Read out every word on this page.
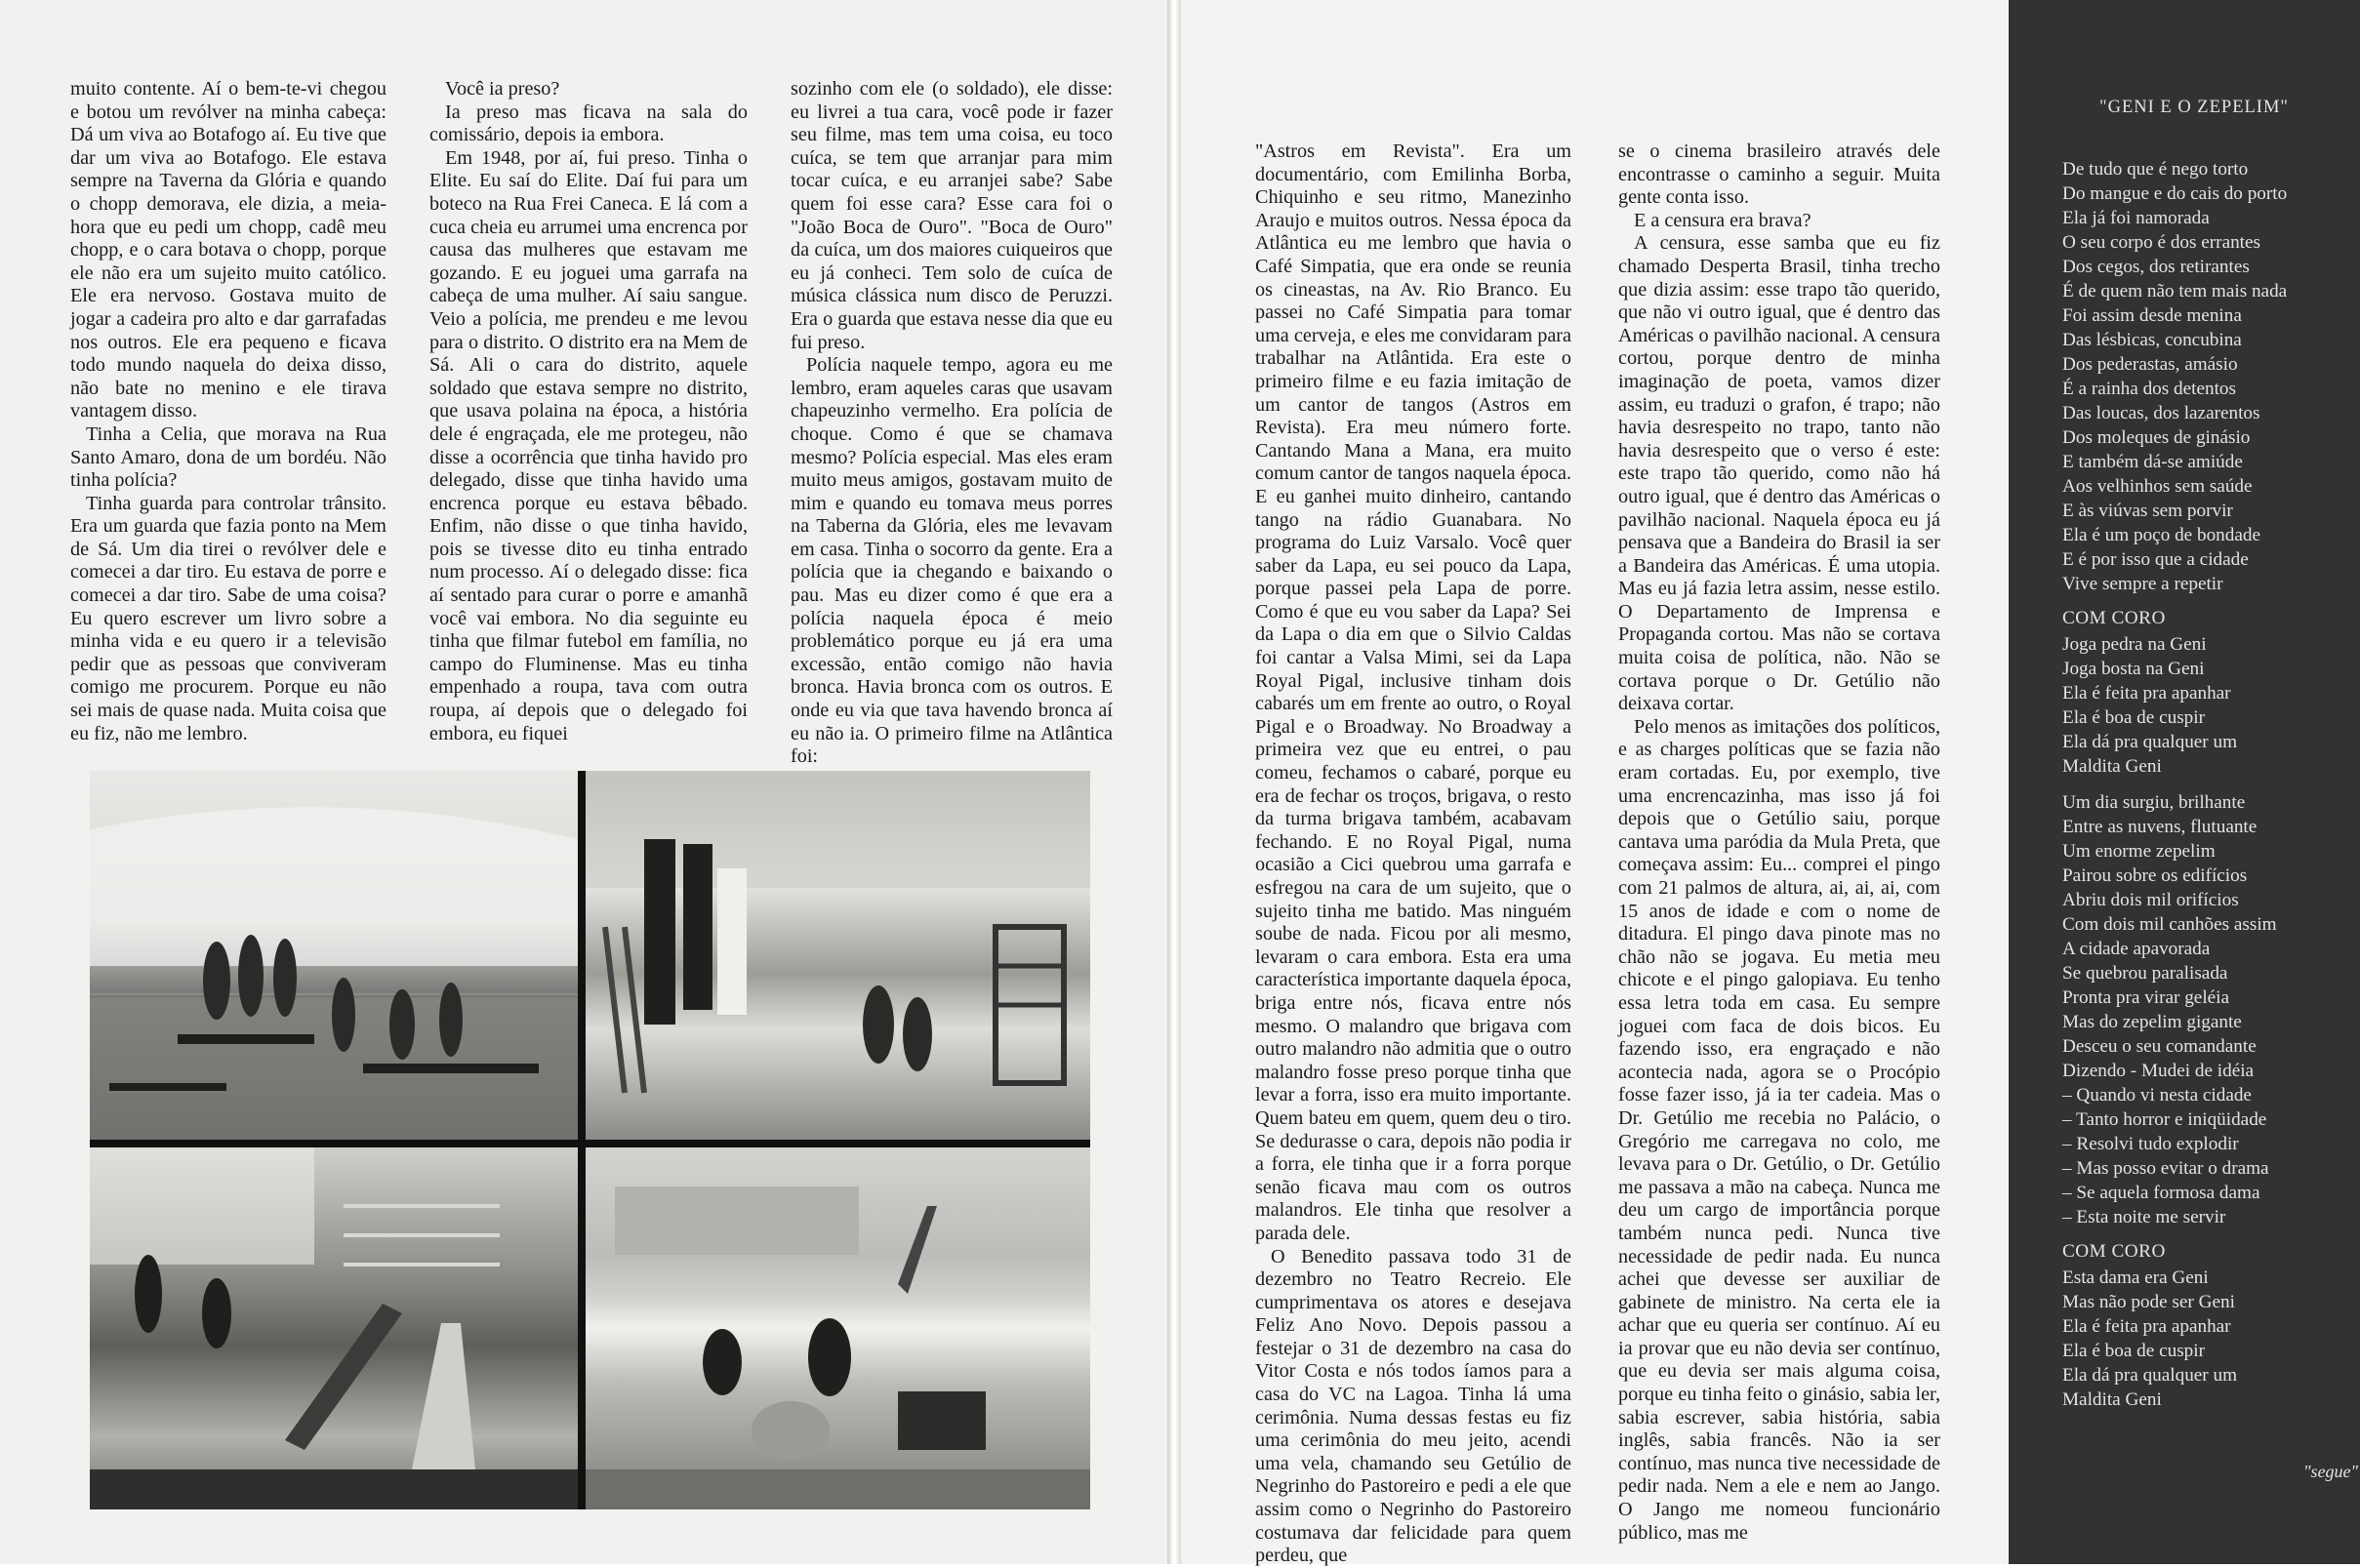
muito contente. Aí o bem-te-vi chegou e botou um revólver na minha cabeça: Dá um viva ao Botafogo aí. Eu tive que dar um viva ao Botafogo. Ele estava sempre na Taverna da Glória e quando o chopp demorava, ele dizia, a meia-hora que eu pedi um chopp, cadê meu chopp, e o cara botava o chopp, porque ele não era um sujeito muito católico. Ele era nervoso. Gostava muito de jogar a cadeira pro alto e dar garrafadas nos outros. Ele era pequeno e ficava todo mundo naquela do deixa disso, não bate no menino e ele tirava vantagem disso.

Tinha a Celia, que morava na Rua Santo Amaro, dona de um bordéu. Não tinha polícia?

Tinha guarda para controlar trânsito. Era um guarda que fazia ponto na Mem de Sá. Um dia tirei o revólver dele e comecei a dar tiro. Eu estava de porre e comecei a dar tiro. Sabe de uma coisa? Eu quero escrever um livro sobre a minha vida e eu quero ir a televisão pedir que as pessoas que conviveram comigo me procurem. Porque eu não sei mais de quase nada. Muita coisa que eu fiz, não me lembro.

Você ia preso?

Ia preso mas ficava na sala do comissário, depois ia embora.

Em 1948, por aí, fui preso. Tinha o Elite. Eu saí do Elite. Daí fui para um boteco na Rua Frei Caneca. E lá com a cuca cheia eu arrumei uma encrenca por causa das mulheres que estavam me gozando. E eu joguei uma garrafa na cabeça de uma mulher. Aí saiu sangue. Veio a polícia, me prendeu e me levou para o distrito. O distrito era na Mem de Sá. Ali o cara do distrito, aquele soldado que estava sempre no distrito, que usava polaina na época, a história dele é engraçada, ele me protegeu, não disse a ocorrência que tinha havido pro delegado, disse que tinha havido uma encrenca porque eu estava bêbado. Enfim, não disse o que tinha havido, pois se tivesse dito eu tinha entrado num processo. Aí o delegado disse: fica aí sentado para curar o porre e amanhã você vai embora. No dia seguinte eu tinha que filmar futebol em família, no campo do Fluminense. Mas eu tinha empenhado a roupa, tava com outra roupa, aí depois que o delegado foi embora, eu fiquei

sozinho com ele (o soldado), ele disse: eu livrei a tua cara, você pode ir fazer seu filme, mas tem uma coisa, eu toco cuíca, se tem que arranjar para mim tocar cuíca, e eu arranjei sabe? Sabe quem foi esse cara? Esse cara foi o "João Boca de Ouro". "Boca de Ouro" da cuíca, um dos maiores cuiqueiros que eu já conheci. Tem solo de cuíca de música clássica num disco de Peruzzi. Era o guarda que estava nesse dia que eu fui preso.

Polícia naquele tempo, agora eu me lembro, eram aqueles caras que usavam chapeuzinho vermelho. Era polícia de choque. Como é que se chamava mesmo? Polícia especial. Mas eles eram muito meus amigos, gostavam muito de mim e quando eu tomava meus porres na Taberna da Glória, eles me levavam em casa. Tinha o socorro da gente. Era a polícia que ia chegando e baixando o pau. Mas eu dizer como é que era a polícia naquela época é meio problemático porque eu já era uma excessão, então comigo não havia bronca. Havia bronca com os outros. E onde eu via que tava havendo bronca aí eu não ia. O primeiro filme na Atlântica foi:

"Astros em Revista". Era um documentário, com Emilinha Borba, Chiquinho e seu ritmo, Manezinho Araujo e muitos outros. Nessa época da Atlântica eu me lembro que havia o Café Simpatia, que era onde se reunia os cineastas, na Av. Rio Branco. Eu passei no Café Simpatia para tomar uma cerveja, e eles me convidaram para trabalhar na Atlântida. Era este o primeiro filme e eu fazia imitação de um cantor de tangos (Astros em Revista). Era meu número forte. Cantando Mana a Mana, era muito comum cantor de tangos naquela época. E eu ganhei muito dinheiro, cantando tango na rádio Guanabara. No programa do Luiz Varsalo. Você quer saber da Lapa, eu sei pouco da Lapa, porque passei pela Lapa de porre. Como é que eu vou saber da Lapa? Sei da Lapa o dia em que o Silvio Caldas foi cantar a Valsa Mimi, sei da Lapa Royal Pigal, inclusive tinham dois cabarés um em frente ao outro, o Royal Pigal e o Broadway. No Broadway a primeira vez que eu entrei, o pau comeu, fechamos o cabaré, porque eu era de fechar os troços, brigava, o resto da turma brigava também, acabavam fechando. E no Royal Pigal, numa ocasião a Cici quebrou uma garrafa e esfregou na cara de um sujeito, que o sujeito tinha me batido. Mas ninguém soube de nada. Ficou por ali mesmo, levaram o cara embora. Esta era uma característica importante daquela época, briga entre nós, ficava entre nós mesmo. O malandro que brigava com outro malandro não admitia que o outro malandro fosse preso porque tinha que levar a forra, isso era muito importante. Quem bateu em quem, quem deu o tiro. Se dedurasse o cara, depois não podia ir a forra, ele tinha que ir a forra porque senão ficava mau com os outros malandros. Ele tinha que resolver a parada dele.

O Benedito passava todo 31 de dezembro no Teatro Recreio. Ele cumprimentava os atores e desejava Feliz Ano Novo. Depois passou a festejar o 31 de dezembro na casa do Vitor Costa e nós todos íamos para a casa do VC na Lagoa. Tinha lá uma cerimônia. Numa dessas festas eu fiz uma cerimônia do meu jeito, acendi uma vela, chamando seu Getúlio de Negrinho do Pastoreiro e pedi a ele que assim como o Negrinho do Pastoreiro costumava dar felicidade para quem perdeu, que

se o cinema brasileiro através dele encontrasse o caminho a seguir. Muita gente conta isso.

E a censura era brava?

A censura, esse samba que eu fiz chamado Desperta Brasil, tinha trecho que dizia assim: esse trapo tão querido, que não vi outro igual, que é dentro das Américas o pavilhão nacional. A censura cortou, porque dentro de minha imaginação de poeta, vamos dizer assim, eu traduzi o grafon, é trapo; não havia desrespeito no trapo, tanto não havia desrespeito que o verso é este: este trapo tão querido, como não há outro igual, que é dentro das Américas o pavilhão nacional. Naquela época eu já pensava que a Bandeira do Brasil ia ser a Bandeira das Américas. É uma utopia. Mas eu já fazia letra assim, nesse estilo. O Departamento de Imprensa e Propaganda cortou. Mas não se cortava muita coisa de política, não. Não se cortava porque o Dr. Getúlio não deixava cortar.

Pelo menos as imitações dos políticos, e as charges políticas que se fazia não eram cortadas. Eu, por exemplo, tive uma encrencazinha, mas isso já foi depois que o Getúlio saiu, porque cantava uma paródia da Mula Preta, que começava assim: Eu... comprei el pingo com 21 palmos de altura, ai, ai, ai, com 15 anos de idade e com o nome de ditadura. El pingo dava pinote mas no chão não se jogava. Eu metia meu chicote e el pingo galopiava. Eu tenho essa letra toda em casa. Eu sempre joguei com faca de dois bicos. Eu fazendo isso, era engraçado e não acontecia nada, agora se o Procópio fosse fazer isso, já ia ter cadeia. Mas o Dr. Getúlio me recebia no Palácio, o Gregório me carregava no colo, me levava para o Dr. Getúlio, o Dr. Getúlio me passava a mão na cabeça. Nunca me deu um cargo de importância porque também nunca pedi. Nunca tive necessidade de pedir nada. Eu nunca achei que devesse ser auxiliar de gabinete de ministro. Na certa ele ia achar que eu queria ser contínuo. Aí eu ia provar que eu não devia ser contínuo, que eu devia ser mais alguma coisa, porque eu tinha feito o ginásio, sabia ler, sabia escrever, sabia história, sabia inglês, sabia francês. Não ia ser contínuo, mas nunca tive necessidade de pedir nada. Nem a ele e nem ao Jango. O Jango me nomeou funcionário público, mas me

"GENI E O ZEPELIM"
De tudo que é nego torto
Do mangue e do cais do porto
Ela já foi namorada
O seu corpo é dos errantes
Dos cegos, dos retirantes
É de quem não tem mais nada
Foi assim desde menina
Das lésbicas, concubina
Dos pederastas, amásio
É a rainha dos detentos
Das loucas, dos lazarentos
Dos moleques de ginásio
E também dá-se amiúde
Aos velhinhos sem saúde
E às viúvas sem porvir
Ela é um poço de bondade
E é por isso que a cidade
Vive sempre a repetir
COM CORO
Joga pedra na Geni
Joga bosta na Geni
Ela é feita pra apanhar
Ela é boa de cuspir
Ela dá pra qualquer um
Maldita Geni
Um dia surgiu, brilhante
Entre as nuvens, flutuante
Um enorme zepelim
Pairou sobre os edifícios
Abriu dois mil orifícios
Com dois mil canhões assim
A cidade apavorada
Se quebrou paralisada
Pronta pra virar geléia
Mas do zepelim gigante
Desceu o seu comandante
Dizendo - Mudei de idéia
– Quando vi nesta cidade
– Tanto horror e iniqüidade
– Resolvi tudo explodir
– Mas posso evitar o drama
– Se aquela formosa dama
– Esta noite me servir
COM CORO
Esta dama era Geni
Mas não pode ser Geni
Ela é feita pra apanhar
Ela é boa de cuspir
Ela dá pra qualquer um
Maldita Geni
"segue"
